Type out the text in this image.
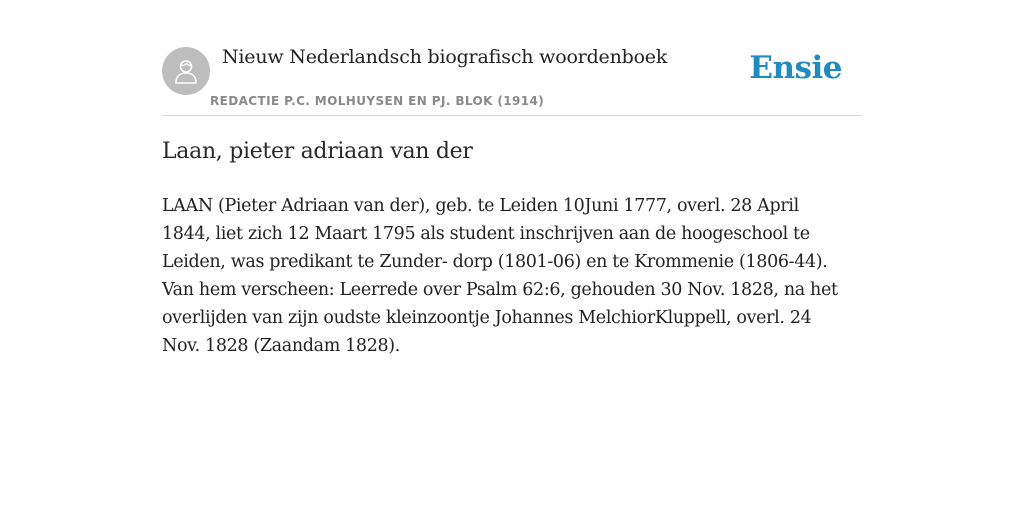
Nieuw Nederlandsch biografisch woordenboek
REDACTIE P.C. MOLHUYSEN EN PJ. BLOK (1914)
Ensie
Laan, pieter adriaan van der

LAAN (Pieter Adriaan van der), geb. te Leiden 10Juni 1777, overl. 28 April 1844, liet zich 12 Maart 1795 als student inschrijven aan de hoogeschool te Leiden, was predikant te Zunder- dorp (1801-06) en te Krommenie (1806-44). Van hem verscheen: Leerrede over Psalm 62:6, gehouden 30 Nov. 1828, na het overlijden van zijn oudste kleinzoontje Johannes MelchiorKluppell, overl. 24 Nov. 1828 (Zaandam 1828).
